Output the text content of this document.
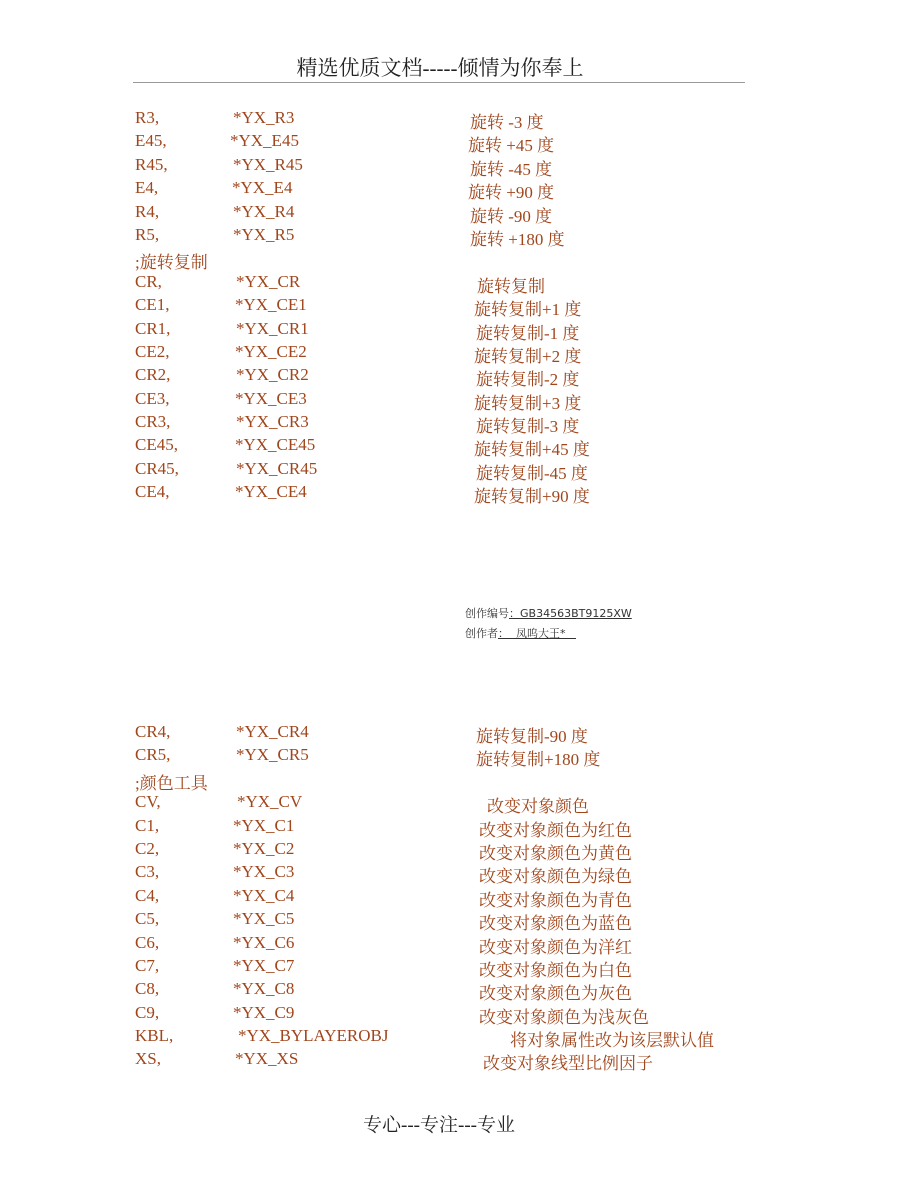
精选优质文档-----倾情为你奉上
R3,	*YX_R3	旋转 -3 度
E45,	*YX_E45	旋转 +45 度
R45,	*YX_R45	旋转 -45 度
E4,	*YX_E4	旋转 +90 度
R4,	*YX_R4	旋转 -90 度
R5,	*YX_R5	旋转 +180 度
;旋转复制
CR,	*YX_CR	旋转复制
CE1,	*YX_CE1	旋转复制+1 度
CR1,	*YX_CR1	旋转复制-1 度
CE2,	*YX_CE2	旋转复制+2 度
CR2,	*YX_CR2	旋转复制-2 度
CE3,	*YX_CE3	旋转复制+3 度
CR3,	*YX_CR3	旋转复制-3 度
CE45,	*YX_CE45	旋转复制+45 度
CR45,	*YX_CR45	旋转复制-45 度
CE4,	*YX_CE4	旋转复制+90 度
创作编号：GB34563BT9125XW
创作者：  凤呜大王*
CR4,	*YX_CR4	旋转复制-90 度
CR5,	*YX_CR5	旋转复制+180 度
;颜色工具
CV,	*YX_CV	改变对象颜色
C1,	*YX_C1	改变对象颜色为红色
C2,	*YX_C2	改变对象颜色为黄色
C3,	*YX_C3	改变对象颜色为绿色
C4,	*YX_C4	改变对象颜色为青色
C5,	*YX_C5	改变对象颜色为蓝色
C6,	*YX_C6	改变对象颜色为洋红
C7,	*YX_C7	改变对象颜色为白色
C8,	*YX_C8	改变对象颜色为灰色
C9,	*YX_C9	改变对象颜色为浅灰色
KBL,	*YX_BYLAYEROBJ	将对象属性改为该层默认值
XS,	*YX_XS	改变对象线型比例因子
专心---专注---专业
